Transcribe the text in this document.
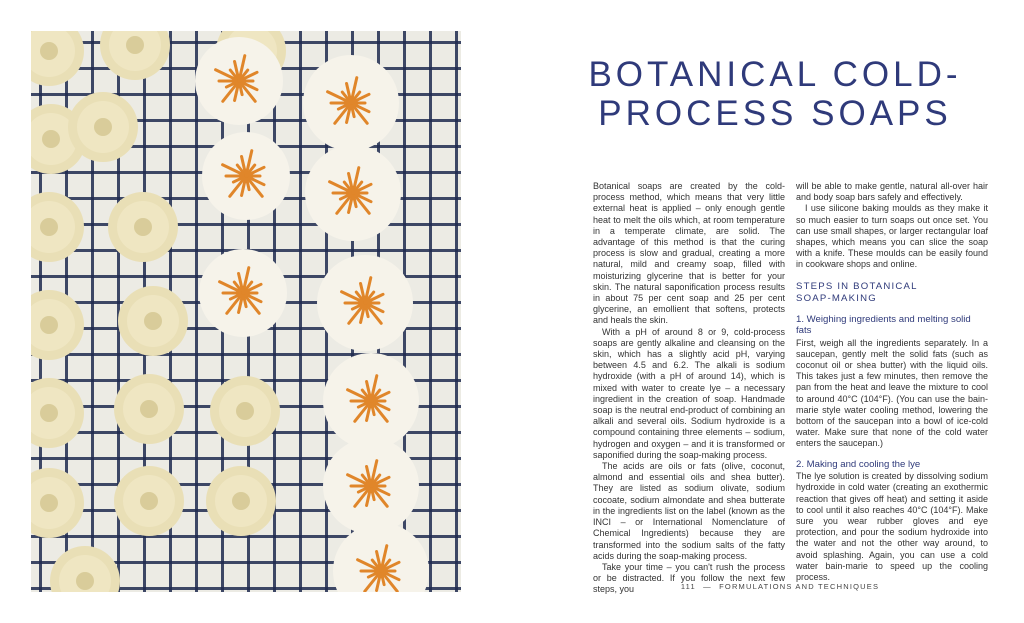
BOTANICAL COLD-
PROCESS SOAPS

Botanical soaps are created by the cold-process method, which means that very little external heat is applied – only enough gentle heat to melt the oils which, at room temperature in a temperate climate, are solid. The advantage of this method is that the curing process is slow and gradual, creating a more natural, mild and creamy soap, filled with moisturizing glycerine that is better for your skin. The natural saponification process results in about 75 per cent soap and 25 per cent glycerine, an emollient that softens, protects and heals the skin.

With a pH of around 8 or 9, cold-process soaps are gently alkaline and cleansing on the skin, which has a slightly acid pH, varying between 4.5 and 6.2. The alkali is sodium hydroxide (with a pH of around 14), which is mixed with water to create lye – a necessary ingredient in the creation of soap. Handmade soap is the neutral end-product of combining an alkali and several oils. Sodium hydroxide is a compound containing three elements – sodium, hydrogen and oxygen – and it is transformed or saponified during the soap-making process.

The acids are oils or fats (olive, coconut, almond and essential oils and shea butter). They are listed as sodium olivate, sodium cocoate, sodium almondate and shea butterate in the ingredients list on the label (known as the INCI – or International Nomenclature of Chemical Ingredients) because they are transformed into the sodium salts of the fatty acids during the soap-making process.

Take your time – you can't rush the process or be distracted. If you follow the next few steps, you

will be able to make gentle, natural all-over hair and body soap bars safely and effectively.

I use silicone baking moulds as they make it so much easier to turn soaps out once set. You can use small shapes, or larger rectangular loaf shapes, which means you can slice the soap with a knife. These moulds can be easily found in cookware shops and online.

STEPS IN BOTANICAL
SOAP-MAKING
1. Weighing ingredients and melting solid fats

First, weigh all the ingredients separately. In a saucepan, gently melt the solid fats (such as coconut oil or shea butter) with the liquid oils. This takes just a few minutes, then remove the pan from the heat and leave the mixture to cool to around 40°C (104°F). (You can use the bain-marie style water cooling method, lowering the bottom of the saucepan into a bowl of ice-cold water. Make sure that none of the cold water enters the saucepan.)

2. Making and cooling the lye

The lye solution is created by dissolving sodium hydroxide in cold water (creating an exothermic reaction that gives off heat) and setting it aside to cool until it also reaches 40°C (104°F). Make sure you wear rubber gloves and eye protection, and pour the sodium hydroxide into the water and not the other way around, to avoid splashing. Again, you can use a cold water bain-marie to speed up the cooling process.

111 — FORMULATIONS AND TECHNIQUES
